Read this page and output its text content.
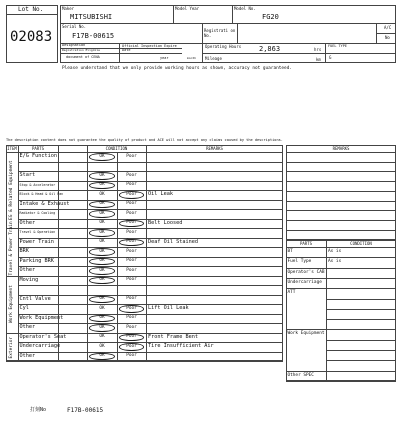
Lot No.
02083
Maker
MITSUBISHI
Model Year	Model No.
FG20
Serial No.
F17B-00615
Registrati on No.
A/C
No
Designation
Registration Eligible
document of CENA
Official Inspection Expire Date
year	month
Operating Hours	2,863	hrs
Mileage	km
FUEL TYPE
G
Please understand that we only provide working hours as shown, accuracy not guaranteed.
The description content does not guarantee the quality of product and ACE will not accept any claims caused by the descriptions.
ITEM	PARTS	CONDITION	REMARKS
EG & Related Equipment
E/G Function	OK	Poor
Start	OK	Poor
Stop & Accelerator	OK	Poor
Block & Head & Oil Pan	OK	Poor	Oil Leak
Intake & Exhaust	OK	Poor
Radiator & Cooling	OK	Poor
Other	OK	Poor	Belt Loosed
Travel & Power Train	Travel & Operation	OK	Poor
Power Train	OK	Poor	Deaf Oil Stained
BRK	OK	Poor
Parking BRK	OK	Poor
Other	OK	Poor
Work Equipment
Moving	OK	Poor
Cntl Valve	OK	Poor
Cyl	OK	Poor	Lift Oil Leak
Work Equipment	OK	Poor
Other	OK	Poor
Exterior	Operator's Seat	OK	Poor	Front Frame Bent
Undercarriage	OK	Poor	Tire Insufficient Air
Other	OK	Poor
REMARKS
PARTS	CONDITION
BT	As is
Fuel Type	As is
Operator's CAB
Undercarriage
ATT
Work Equipment
Other SPEC
打刻No	F17B-00615
